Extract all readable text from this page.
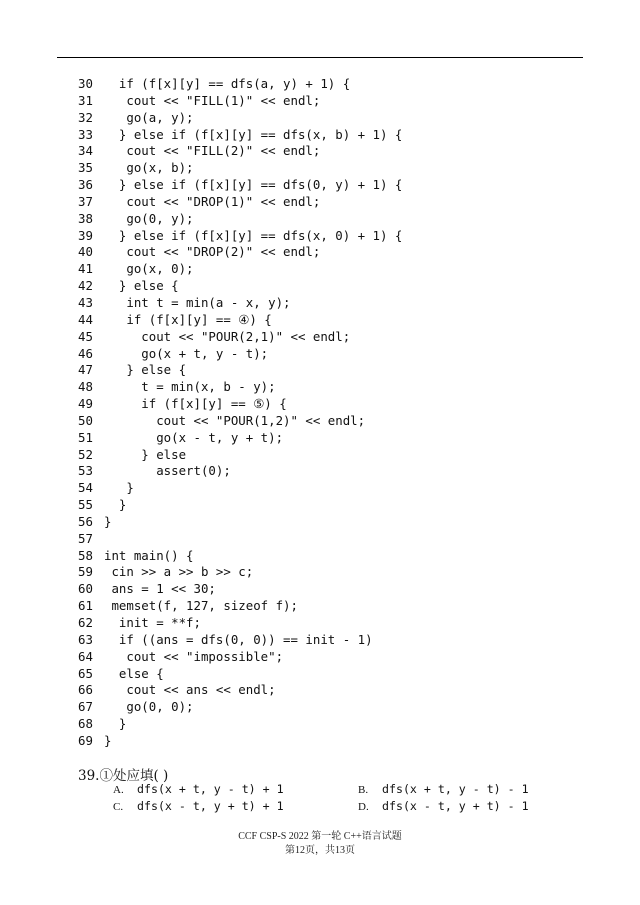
30 if (f[x][y] == dfs(a, y) + 1) {
31 cout << "FILL(1)" << endl;
32 go(a, y);
33 } else if (f[x][y] == dfs(x, b) + 1) {
34 cout << "FILL(2)" << endl;
35 go(x, b);
36 } else if (f[x][y] == dfs(0, y) + 1) {
37 cout << "DROP(1)" << endl;
38 go(0, y);
39 } else if (f[x][y] == dfs(x, 0) + 1) {
40 cout << "DROP(2)" << endl;
41 go(x, 0);
42 } else {
43 int t = min(a - x, y);
44 if (f[x][y] == ④) {
45 cout << "POUR(2,1)" << endl;
46 go(x + t, y - t);
47 } else {
48 t = min(x, b - y);
49 if (f[x][y] == ⑤) {
50 cout << "POUR(1,2)" << endl;
51 go(x - t, y + t);
52 } else
53 assert(0);
54 }
55 }
56 }
57
58 int main() {
59 cin >> a >> b >> c;
60 ans = 1 << 30;
61 memset(f, 127, sizeof f);
62 init = **f;
63 if ((ans = dfs(0, 0)) == init - 1)
64 cout << "impossible";
65 else {
66 cout << ans << endl;
67 go(0, 0);
68 }
69 }
39.①处应填( )
A.	dfs(x + t, y - t) + 1	B.	dfs(x + t, y - t) - 1
C.	dfs(x - t, y + t) + 1	D.	dfs(x - t, y + t) - 1
CCF CSP-S 2022 第一轮 C++语言试题
第12页，共13页
